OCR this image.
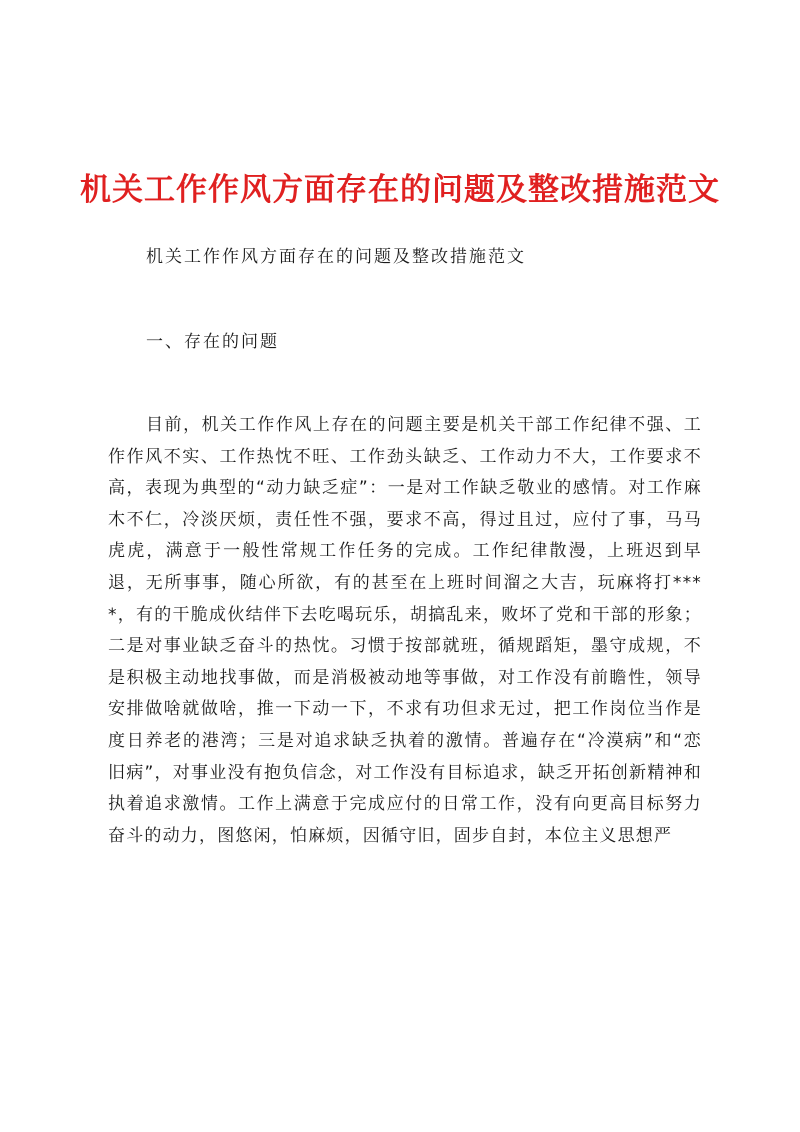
机关工作作风方面存在的问题及整改措施范文
机关工作作风方面存在的问题及整改措施范文
一、存在的问题
目前，机关工作作风上存在的问题主要是机关干部工作纪律不强、工作作风不实、工作热忱不旺、工作劲头缺乏、工作动力不大，工作要求不高，表现为典型的“动力缺乏症”：一是对工作缺乏敬业的感情。对工作麻木不仁，冷淡厌烦，责任性不强，要求不高，得过且过，应付了事，马马虎虎，满意于一般性常规工作任务的完成。工作纪律散漫，上班迟到早退，无所事事，随心所欲，有的甚至在上班时间溜之大吉，玩麻将打****，有的干脆成伙结伴下去吃喝玩乐，胡搞乱来，败坏了党和干部的形象；二是对事业缺乏奋斗的热忱。习惯于按部就班，循规蹈矩，墨守成规，不是积极主动地找事做，而是消极被动地等事做，对工作没有前瞻性，领导安排做啥就做啥，推一下动一下，不求有功但求无过，把工作岗位当作是度日养老的港湾；三是对追求缺乏执着的激情。普遍存在“冷漠病”和“恋旧病”，对事业没有抱负信念，对工作没有目标追求，缺乏开拓创新精神和执着追求激情。工作上满意于完成应付的日常工作，没有向更高目标努力奋斗的动力，图悠闲，怕麻烦，因循守旧，固步自封，本位主义思想严
